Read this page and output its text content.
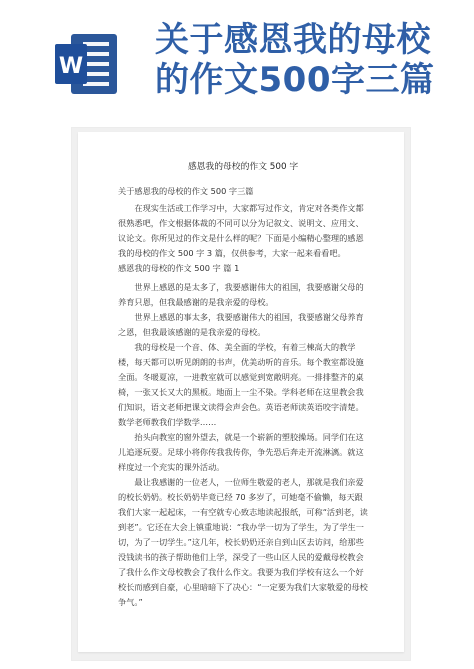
W
关于感恩我的母校
的作文500字三篇
感恩我的母校的作文 500 字
关于感恩我的母校的作文 500 字三篇

在现实生活或工作学习中，大家都写过作文，肯定对各类作文都很熟悉吧，作文根据体裁的不同可以分为记叙文、说明文、应用文、议论文。你所见过的作文是什么样的呢？下面是小编精心整理的感恩我的母校的作文 500 字 3 篇，仅供参考，大家一起来看看吧。

感恩我的母校的作文 500 字 篇 1

世界上感恩的是太多了，我要感谢伟大的祖国，我要感谢父母的养育只恩，但我最感谢的是我亲爱的母校。

世界上感恩的事太多，我要感谢伟大的祖国，我要感谢父母养育之恩，但我最该感谢的是我亲爱的母校。

我的母校是一个音、体、美全面的学校，有着三棟高大的教学楼，每天都可以听见朗朗的书声，优美动听的音乐。每个教室都设施全面。冬暖夏凉，一进教室就可以感觉到宽敞明亮。一排排整齐的桌椅，一张又长又大的黑板。地面上一尘不染。学科老师在这里教会我们知识，语文老师把课文读得会声会色。英语老师读英语咬字清楚。数学老师教我们学数学……

抬头向教室的窗外望去，就是一个崭新的塑胶操场。同学们在这儿追逐玩耍。足球小将你传我我传你，争先恐后奔走开流淋漓。就这样度过一个充实的课外活动。

最让我感谢的一位老人，一位师生敬爱的老人，那就是我们亲爱的校长奶奶。校长奶奶毕竟已经 70 多岁了，可她毫不偷懒，每天跟我们大家一起起床，一有空就专心致志地读起报纸，可称“活到老，读到老”。它还在大会上镇重地说：“我办学一切为了学生，为了学生一切，为了一切学生。”这几年，校长奶奶还亲自到山区去访问，给那些没钱读书的孩子帮助他们上学，深受了一些山区人民的爱戴母校教会了我什么作文母校教会了我什么作文。我要为我们学校有这么一个好校长而感到自豪，心里暗暗下了决心：“一定要为我们大家敬爱的母校争气。”
